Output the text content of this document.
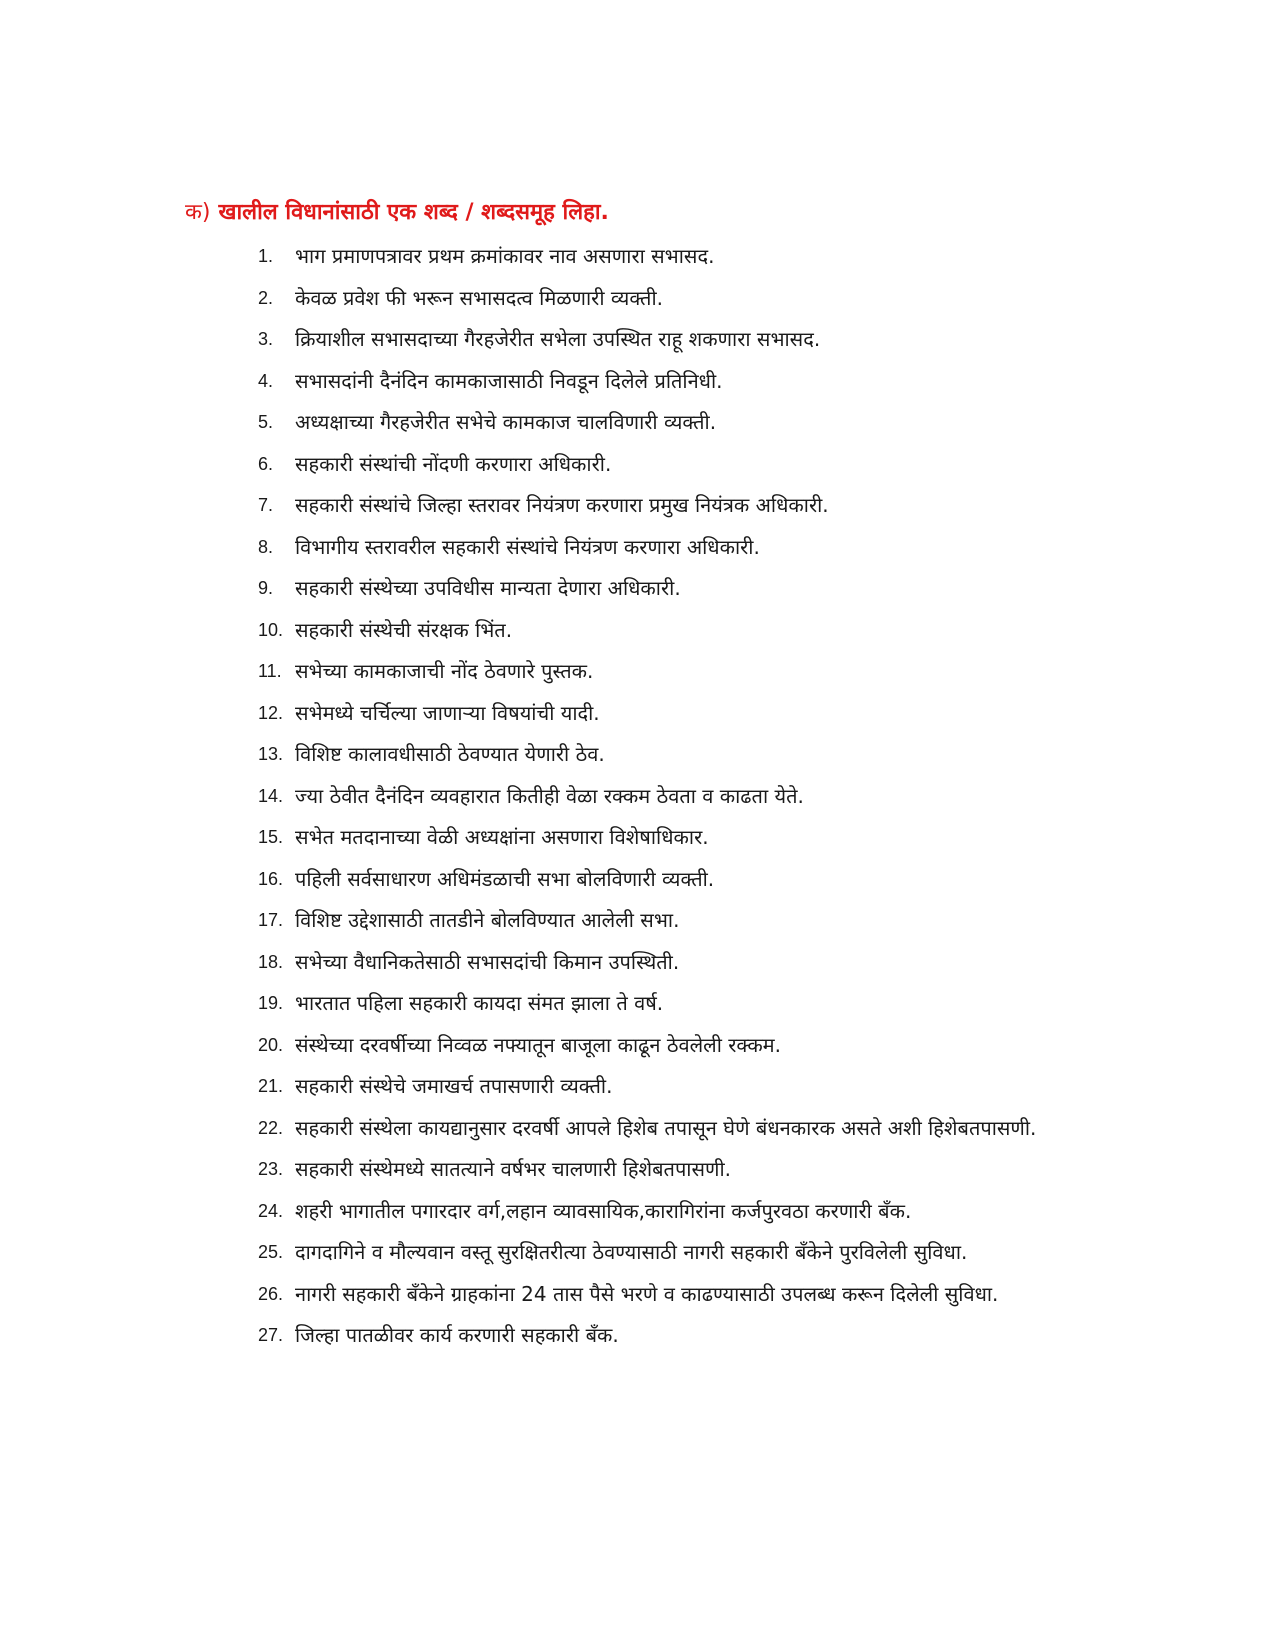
क) खालील विधानांसाठी एक शब्द / शब्दसमूह लिहा.
1.	भाग प्रमाणपत्रावर प्रथम क्रमांकावर नाव असणारा सभासद.
2.	केवळ प्रवेश फी भरून सभासदत्व मिळणारी व्यक्ती.
3.	क्रियाशील सभासदाच्या गैरहजेरीत सभेला उपस्थित राहू शकणारा सभासद.
4.	सभासदांनी दैनंदिन कामकाजासाठी निवडून दिलेले प्रतिनिधी.
5.	अध्यक्षाच्या गैरहजेरीत सभेचे कामकाज चालविणारी व्यक्ती.
6.	सहकारी संस्थांची नोंदणी करणारा अधिकारी.
7.	सहकारी संस्थांचे जिल्हा स्तरावर नियंत्रण करणारा प्रमुख नियंत्रक अधिकारी.
8.	विभागीय स्तरावरील सहकारी संस्थांचे नियंत्रण करणारा अधिकारी.
9.	सहकारी संस्थेच्या उपविधीस मान्यता देणारा अधिकारी.
10. सहकारी संस्थेची संरक्षक भिंत.
11. सभेच्या कामकाजाची नोंद ठेवणारे पुस्तक.
12. सभेमध्ये चर्चिल्या जाणाऱ्या विषयांची यादी.
13. विशिष्ट कालावधीसाठी ठेवण्यात येणारी ठेव.
14. ज्या ठेवीत दैनंदिन व्यवहारात कितीही वेळा रक्कम ठेवता व काढता येते.
15. सभेत मतदानाच्या वेळी अध्यक्षांना असणारा विशेषाधिकार.
16. पहिली सर्वसाधारण अधिमंडळाची सभा बोलविणारी व्यक्ती.
17. विशिष्ट उद्देशासाठी तातडीने बोलविण्यात आलेली सभा.
18. सभेच्या वैधानिकतेसाठी सभासदांची किमान उपस्थिती.
19. भारतात पहिला सहकारी कायदा संमत झाला ते वर्ष.
20. संस्थेच्या दरवर्षीच्या निव्वळ नफ्यातून बाजूला काढून ठेवलेली रक्कम.
21. सहकारी संस्थेचे जमाखर्च तपासणारी व्यक्ती.
22. सहकारी संस्थेला कायद्यानुसार दरवर्षी आपले हिशेब तपासून घेणे बंधनकारक असते अशी हिशेबतपासणी.
23. सहकारी संस्थेमध्ये सातत्याने वर्षभर चालणारी हिशेबतपासणी.
24. शहरी भागातील पगारदार वर्ग,लहान व्यावसायिक,कारागिरांना कर्जपुरवठा करणारी बँक.
25. दागदागिने व मौल्यवान वस्तू सुरक्षितरीत्या ठेवण्यासाठी नागरी सहकारी बँकेने पुरविलेली सुविधा.
26. नागरी सहकारी बँकेने ग्राहकांना 24 तास पैसे भरणे व काढण्यासाठी उपलब्ध करून दिलेली सुविधा.
27. जिल्हा पातळीवर कार्य करणारी सहकारी बँक.
